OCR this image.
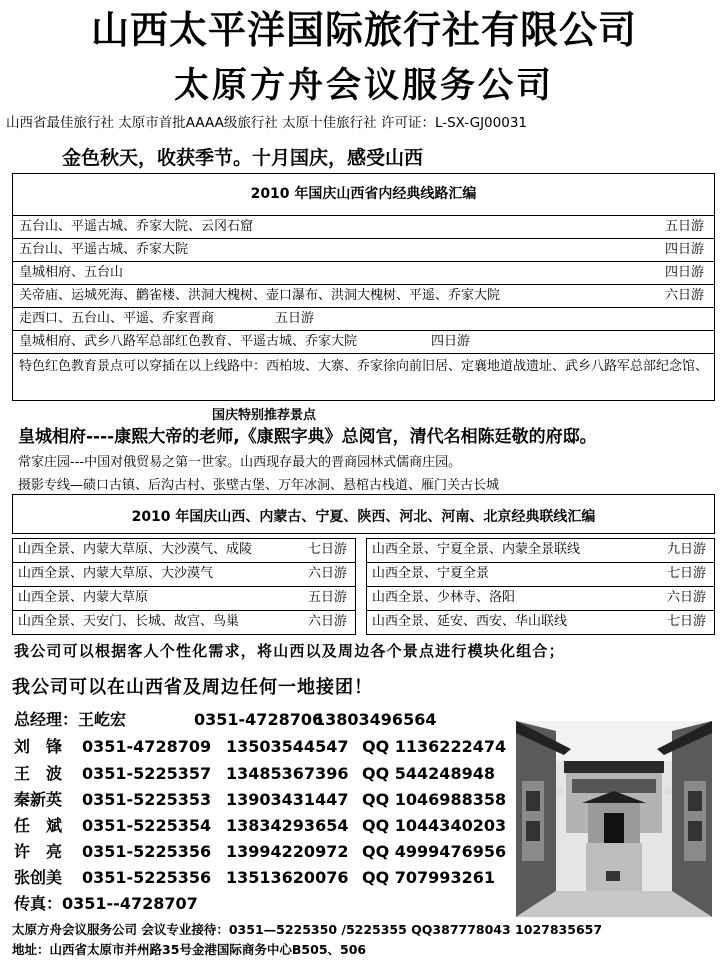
山西太平洋国际旅行社有限公司
太原方舟会议服务公司
山西省最佳旅行社 太原市首批AAAA级旅行社 太原十佳旅行社 许可证：L-SX-GJ00031
金色秋天，收获季节。十月国庆，感受山西
2010 年国庆山西省内经典线路汇编
五台山、平遥古城、乔家大院、云冈石窟	五日游
五台山、平遥古城、乔家大院	四日游
皇城相府、五台山	四日游
关帝庙、运城死海、鹳雀楼、洪洞大槐树、壶口瀑布、洪洞大槐树、平遥、乔家大院	六日游
走西口、五台山、平遥、乔家晋商	五日游
皇城相府、武乡八路军总部红色教育、平遥古城、乔家大院	四日游
特色红色教育景点可以穿插在以上线路中：西柏坡、大寨、乔家徐向前旧居、定襄地道战遗址、武乡八路军总部纪念馆、
国庆特别推荐景点
皇城相府----康熙大帝的老师,《康熙字典》总阅官，清代名相陈廷敬的府邸。
常家庄园---中国对俄贸易之第一世家。山西现存最大的晋商园林式儒商庄园。
摄影专线—碛口古镇、后沟古村、张壁古堡、万年冰洞、悬棺古栈道、雁门关古长城
2010 年国庆山西、内蒙古、宁夏、陕西、河北、河南、北京经典联线汇编
山西全景、内蒙大草原、大沙漠气、成陵	七日游
山西全景、内蒙大草原、大沙漠气	六日游
山西全景、内蒙大草原	五日游
山西全景、天安门、长城、故宫、鸟巢	六日游
山西全景、宁夏全景、内蒙全景联线	九日游
山西全景、宁夏全景	七日游
山西全景、少林寺、洛阳	六日游
山西全景、延安、西安、华山联线	七日游
我公司可以根据客人个性化需求，将山西以及周边各个景点进行模块化组合；
我公司可以在山西省及周边任何一地接团！
总经理：王屹宏	0351-4728706
13803496564
刘　锋 0351-4728709 13503544547 QQ 1136222474
王　波 0351-5225357 13485367396 QQ 544248948
秦新英 0351-5225353 13903431447 QQ 1046988358
任　斌 0351-5225354 13834293654 QQ 1044340203
许　亮 0351-5225356 13994220972 QQ 4999476956
张创美 0351-5225356 13513620076 QQ 707993261
传真：0351--4728707
太原方舟会议服务公司 会议专业接待：0351—5225350 /5225355 QQ387778043 1027835657
地址：山西省太原市并州路35号金港国际商务中心B505、506
